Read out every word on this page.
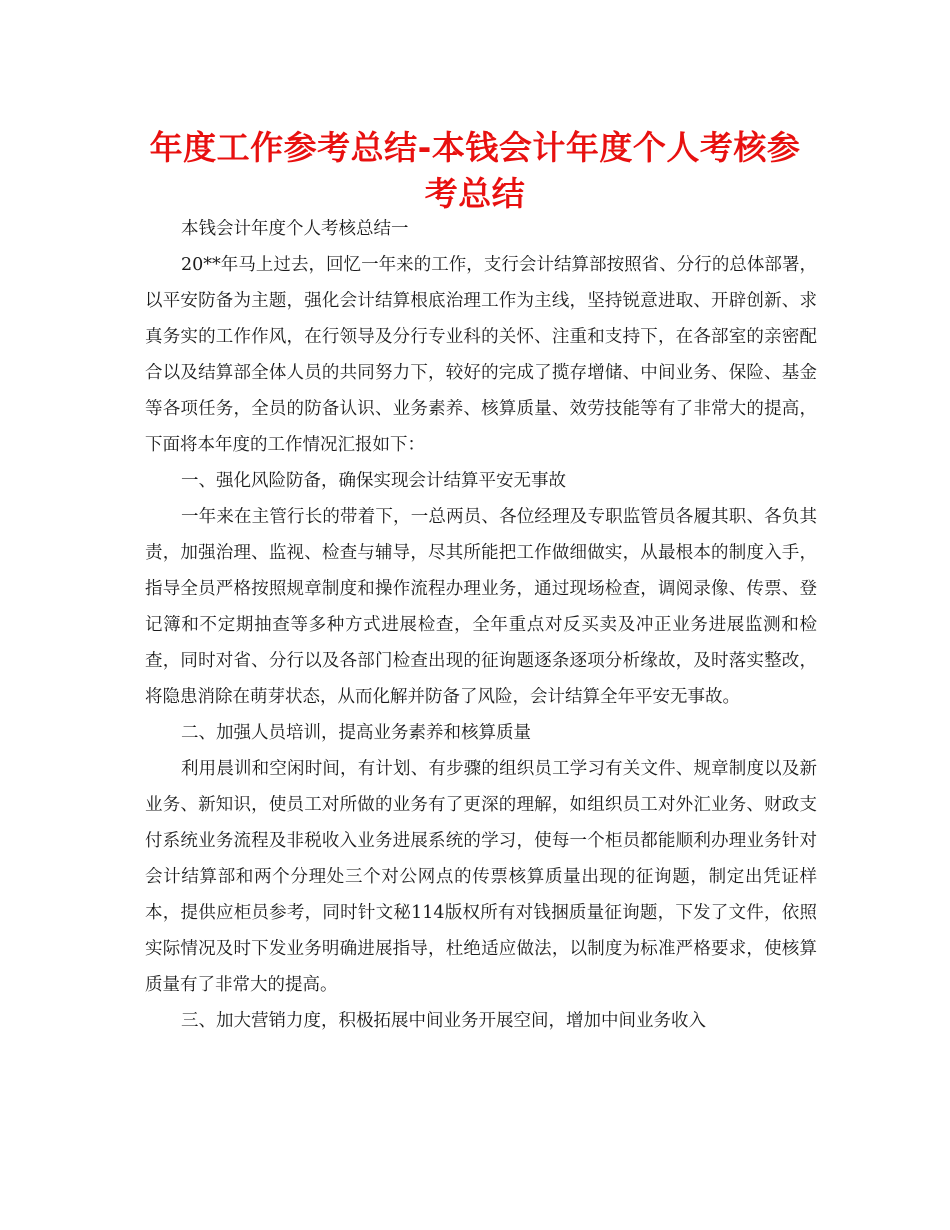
年度工作参考总结-本钱会计年度个人考核参考总结

本钱会计年度个人考核总结一

20**年马上过去，回忆一年来的工作，支行会计结算部按照省、分行的总体部署，以平安防备为主题，强化会计结算根底治理工作为主线，坚持锐意进取、开辟创新、求真务实的工作作风，在行领导及分行专业科的关怀、注重和支持下，在各部室的亲密配合以及结算部全体人员的共同努力下，较好的完成了揽存增储、中间业务、保险、基金等各项任务，全员的防备认识、业务素养、核算质量、效劳技能等有了非常大的提高，下面将本年度的工作情况汇报如下：

一、强化风险防备，确保实现会计结算平安无事故

一年来在主管行长的带着下，一总两员、各位经理及专职监管员各履其职、各负其责，加强治理、监视、检查与辅导，尽其所能把工作做细做实，从最根本的制度入手，指导全员严格按照规章制度和操作流程办理业务，通过现场检查，调阅录像、传票、登记簿和不定期抽查等多种方式进展检查，全年重点对反买卖及冲正业务进展监测和检查，同时对省、分行以及各部门检查出现的征询题逐条逐项分析缘故，及时落实整改，将隐患消除在萌芽状态，从而化解并防备了风险，会计结算全年平安无事故。

二、加强人员培训，提高业务素养和核算质量

利用晨训和空闲时间，有计划、有步骤的组织员工学习有关文件、规章制度以及新业务、新知识，使员工对所做的业务有了更深的理解，如组织员工对外汇业务、财政支付系统业务流程及非税收入业务进展系统的学习，使每一个柜员都能顺利办理业务针对会计结算部和两个分理处三个对公网点的传票核算质量出现的征询题，制定出凭证样本，提供应柜员参考，同时针文秘114版权所有对钱捆质量征询题，下发了文件，依照实际情况及时下发业务明确进展指导，杜绝适应做法，以制度为标准严格要求，使核算质量有了非常大的提高。

三、加大营销力度，积极拓展中间业务开展空间，增加中间业务收入
